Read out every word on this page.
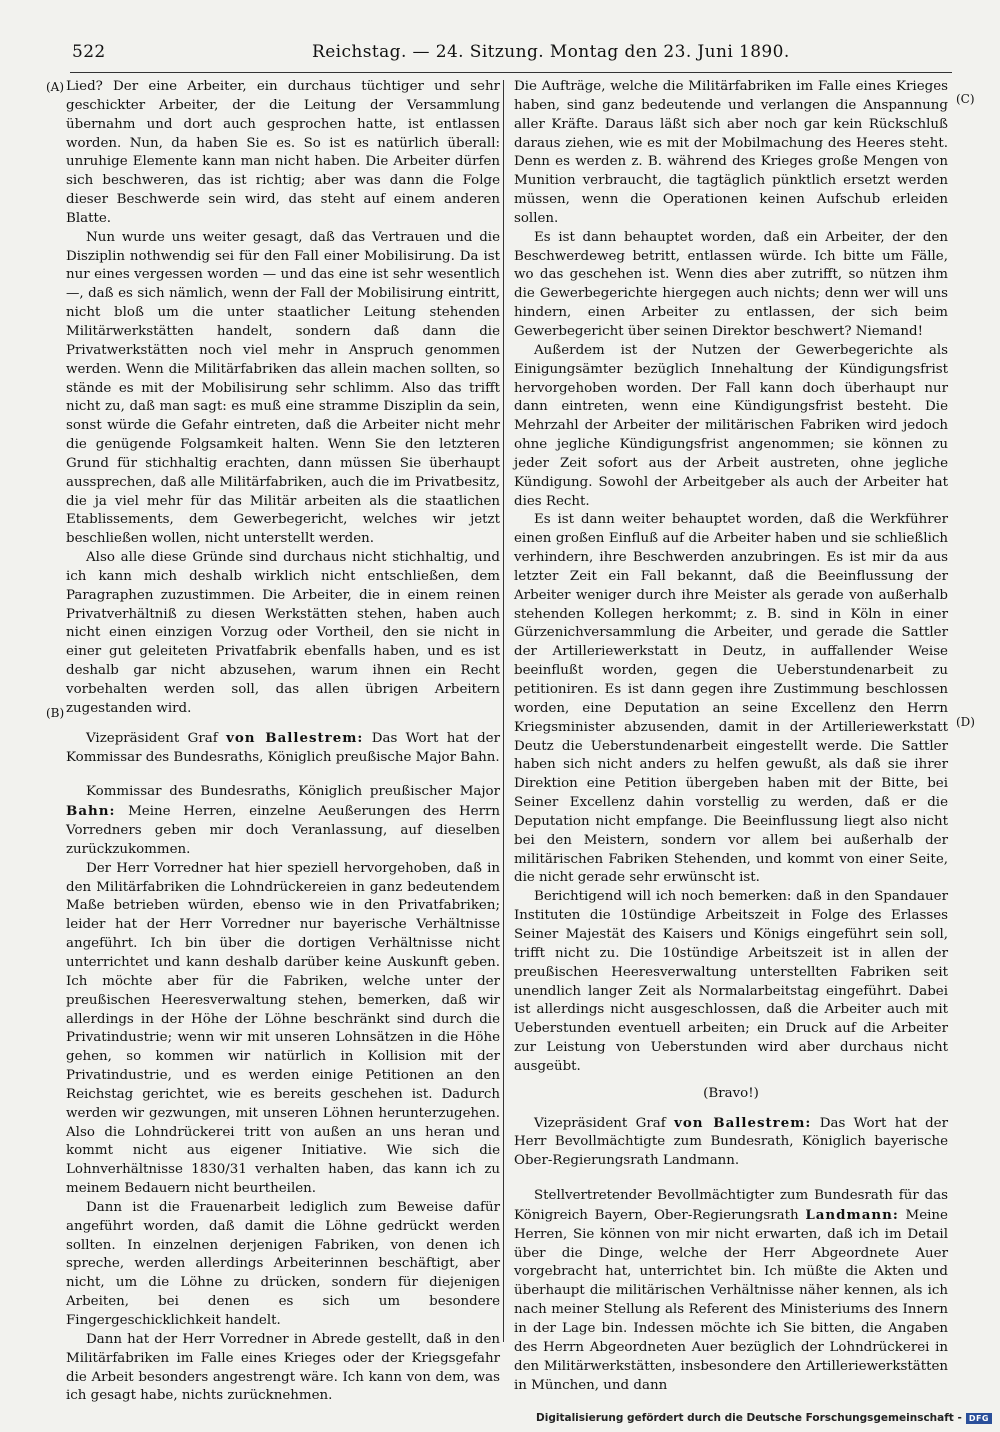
522	Reichstag. — 24. Sitzung. Montag den 23. Juni 1890.
(A)
(B)
(C)
(D)

Lied? Der eine Arbeiter, ein durchaus tüchtiger und sehr geschickter Arbeiter, der die Leitung der Versammlung übernahm und dort auch gesprochen hatte, ist entlassen worden. Nun, da haben Sie es. So ist es natürlich überall: unruhige Elemente kann man nicht haben. Die Arbeiter dürfen sich beschweren, das ist richtig; aber was dann die Folge dieser Beschwerde sein wird, das steht auf einem anderen Blatte.

Nun wurde uns weiter gesagt, daß das Vertrauen und die Disziplin nothwendig sei für den Fall einer Mobilisirung. Da ist nur eines vergessen worden — und das eine ist sehr wesentlich —, daß es sich nämlich, wenn der Fall der Mobilisirung eintritt, nicht bloß um die unter staatlicher Leitung stehenden Militärwerkstätten handelt, sondern daß dann die Privatwerkstätten noch viel mehr in Anspruch genommen werden. Wenn die Militärfabriken das allein machen sollten, so stände es mit der Mobilisirung sehr schlimm. Also das trifft nicht zu, daß man sagt: es muß eine stramme Disziplin da sein, sonst würde die Gefahr eintreten, daß die Arbeiter nicht mehr die genügende Folgsamkeit halten. Wenn Sie den letzteren Grund für stichhaltig erachten, dann müssen Sie überhaupt aussprechen, daß alle Militärfabriken, auch die im Privatbesitz, die ja viel mehr für das Militär arbeiten als die staatlichen Etablissements, dem Gewerbegericht, welches wir jetzt beschließen wollen, nicht unterstellt werden.

Also alle diese Gründe sind durchaus nicht stichhaltig, und ich kann mich deshalb wirklich nicht entschließen, dem Paragraphen zuzustimmen. Die Arbeiter, die in einem reinen Privatverhältniß zu diesen Werkstätten stehen, haben auch nicht einen einzigen Vorzug oder Vortheil, den sie nicht in einer gut geleiteten Privatfabrik ebenfalls haben, und es ist deshalb gar nicht abzusehen, warum ihnen ein Recht vorbehalten werden soll, das allen übrigen Arbeitern zugestanden wird.

Vizepräsident Graf von Ballestrem: Das Wort hat der Kommissar des Bundesraths, Königlich preußische Major Bahn.

Kommissar des Bundesraths, Königlich preußischer Major Bahn: Meine Herren, einzelne Aeußerungen des Herrn Vorredners geben mir doch Veranlassung, auf dieselben zurückzukommen.

Der Herr Vorredner hat hier speziell hervorgehoben, daß in den Militärfabriken die Lohndrückereien in ganz bedeutendem Maße betrieben würden, ebenso wie in den Privatfabriken; leider hat der Herr Vorredner nur bayerische Verhältnisse angeführt. Ich bin über die dortigen Verhältnisse nicht unterrichtet und kann deshalb darüber keine Auskunft geben. Ich möchte aber für die Fabriken, welche unter der preußischen Heeresverwaltung stehen, bemerken, daß wir allerdings in der Höhe der Löhne beschränkt sind durch die Privatindustrie; wenn wir mit unseren Lohnsätzen in die Höhe gehen, so kommen wir natürlich in Kollision mit der Privatindustrie, und es werden einige Petitionen an den Reichstag gerichtet, wie es bereits geschehen ist. Dadurch werden wir gezwungen, mit unseren Löhnen herunterzugehen. Also die Lohndrückerei tritt von außen an uns heran und kommt nicht aus eigener Initiative. Wie sich die Lohnverhältnisse 1830/31 verhalten haben, das kann ich zu meinem Bedauern nicht beurtheilen.

Dann ist die Frauenarbeit lediglich zum Beweise dafür angeführt worden, daß damit die Löhne gedrückt werden sollten. In einzelnen derjenigen Fabriken, von denen ich spreche, werden allerdings Arbeiterinnen beschäftigt, aber nicht, um die Löhne zu drücken, sondern für diejenigen Arbeiten, bei denen es sich um besondere Fingergeschicklichkeit handelt.

Dann hat der Herr Vorredner in Abrede gestellt, daß in den Militärfabriken im Falle eines Krieges oder der Kriegsgefahr die Arbeit besonders angestrengt wäre. Ich kann von dem, was ich gesagt habe, nichts zurücknehmen.

Die Aufträge, welche die Militärfabriken im Falle eines Krieges haben, sind ganz bedeutende und verlangen die Anspannung aller Kräfte. Daraus läßt sich aber noch gar kein Rückschluß daraus ziehen, wie es mit der Mobilmachung des Heeres steht. Denn es werden z. B. während des Krieges große Mengen von Munition verbraucht, die tagtäglich pünktlich ersetzt werden müssen, wenn die Operationen keinen Aufschub erleiden sollen.

Es ist dann behauptet worden, daß ein Arbeiter, der den Beschwerdeweg betritt, entlassen würde. Ich bitte um Fälle, wo das geschehen ist. Wenn dies aber zutrifft, so nützen ihm die Gewerbegerichte hiergegen auch nichts; denn wer will uns hindern, einen Arbeiter zu entlassen, der sich beim Gewerbegericht über seinen Direktor beschwert? Niemand!

Außerdem ist der Nutzen der Gewerbegerichte als Einigungsämter bezüglich Innehaltung der Kündigungsfrist hervorgehoben worden. Der Fall kann doch überhaupt nur dann eintreten, wenn eine Kündigungsfrist besteht. Die Mehrzahl der Arbeiter der militärischen Fabriken wird jedoch ohne jegliche Kündigungsfrist angenommen; sie können zu jeder Zeit sofort aus der Arbeit austreten, ohne jegliche Kündigung. Sowohl der Arbeitgeber als auch der Arbeiter hat dies Recht.

Es ist dann weiter behauptet worden, daß die Werkführer einen großen Einfluß auf die Arbeiter haben und sie schließlich verhindern, ihre Beschwerden anzubringen. Es ist mir da aus letzter Zeit ein Fall bekannt, daß die Beeinflussung der Arbeiter weniger durch ihre Meister als gerade von außerhalb stehenden Kollegen herkommt; z. B. sind in Köln in einer Gürzenichversammlung die Arbeiter, und gerade die Sattler der Artilleriewerkstatt in Deutz, in auffallender Weise beeinflußt worden, gegen die Ueberstundenarbeit zu petitioniren. Es ist dann gegen ihre Zustimmung beschlossen worden, eine Deputation an seine Excellenz den Herrn Kriegsminister abzusenden, damit in der Artilleriewerkstatt Deutz die Ueberstundenarbeit eingestellt werde. Die Sattler haben sich nicht anders zu helfen gewußt, als daß sie ihrer Direktion eine Petition übergeben haben mit der Bitte, bei Seiner Excellenz dahin vorstellig zu werden, daß er die Deputation nicht empfange. Die Beeinflussung liegt also nicht bei den Meistern, sondern vor allem bei außerhalb der militärischen Fabriken Stehenden, und kommt von einer Seite, die nicht gerade sehr erwünscht ist.

Berichtigend will ich noch bemerken: daß in den Spandauer Instituten die 10stündige Arbeitszeit in Folge des Erlasses Seiner Majestät des Kaisers und Königs eingeführt sein soll, trifft nicht zu. Die 10stündige Arbeitszeit ist in allen der preußischen Heeresverwaltung unterstellten Fabriken seit unendlich langer Zeit als Normalarbeitstag eingeführt. Dabei ist allerdings nicht ausgeschlossen, daß die Arbeiter auch mit Ueberstunden eventuell arbeiten; ein Druck auf die Arbeiter zur Leistung von Ueberstunden wird aber durchaus nicht ausgeübt.

(Bravo!)

Vizepräsident Graf von Ballestrem: Das Wort hat der Herr Bevollmächtigte zum Bundesrath, Königlich bayerische Ober-Regierungsrath Landmann.

Stellvertretender Bevollmächtigter zum Bundesrath für das Königreich Bayern, Ober-Regierungsrath Landmann: Meine Herren, Sie können von mir nicht erwarten, daß ich im Detail über die Dinge, welche der Herr Abgeordnete Auer vorgebracht hat, unterrichtet bin. Ich müßte die Akten und überhaupt die militärischen Verhältnisse näher kennen, als ich nach meiner Stellung als Referent des Ministeriums des Innern in der Lage bin. Indessen möchte ich Sie bitten, die Angaben des Herrn Abgeordneten Auer bezüglich der Lohndrückerei in den Militärwerkstätten, insbesondere den Artilleriewerkstätten in München, und dann

Digitalisierung gefördert durch die Deutsche Forschungsgemeinschaft - DFG
